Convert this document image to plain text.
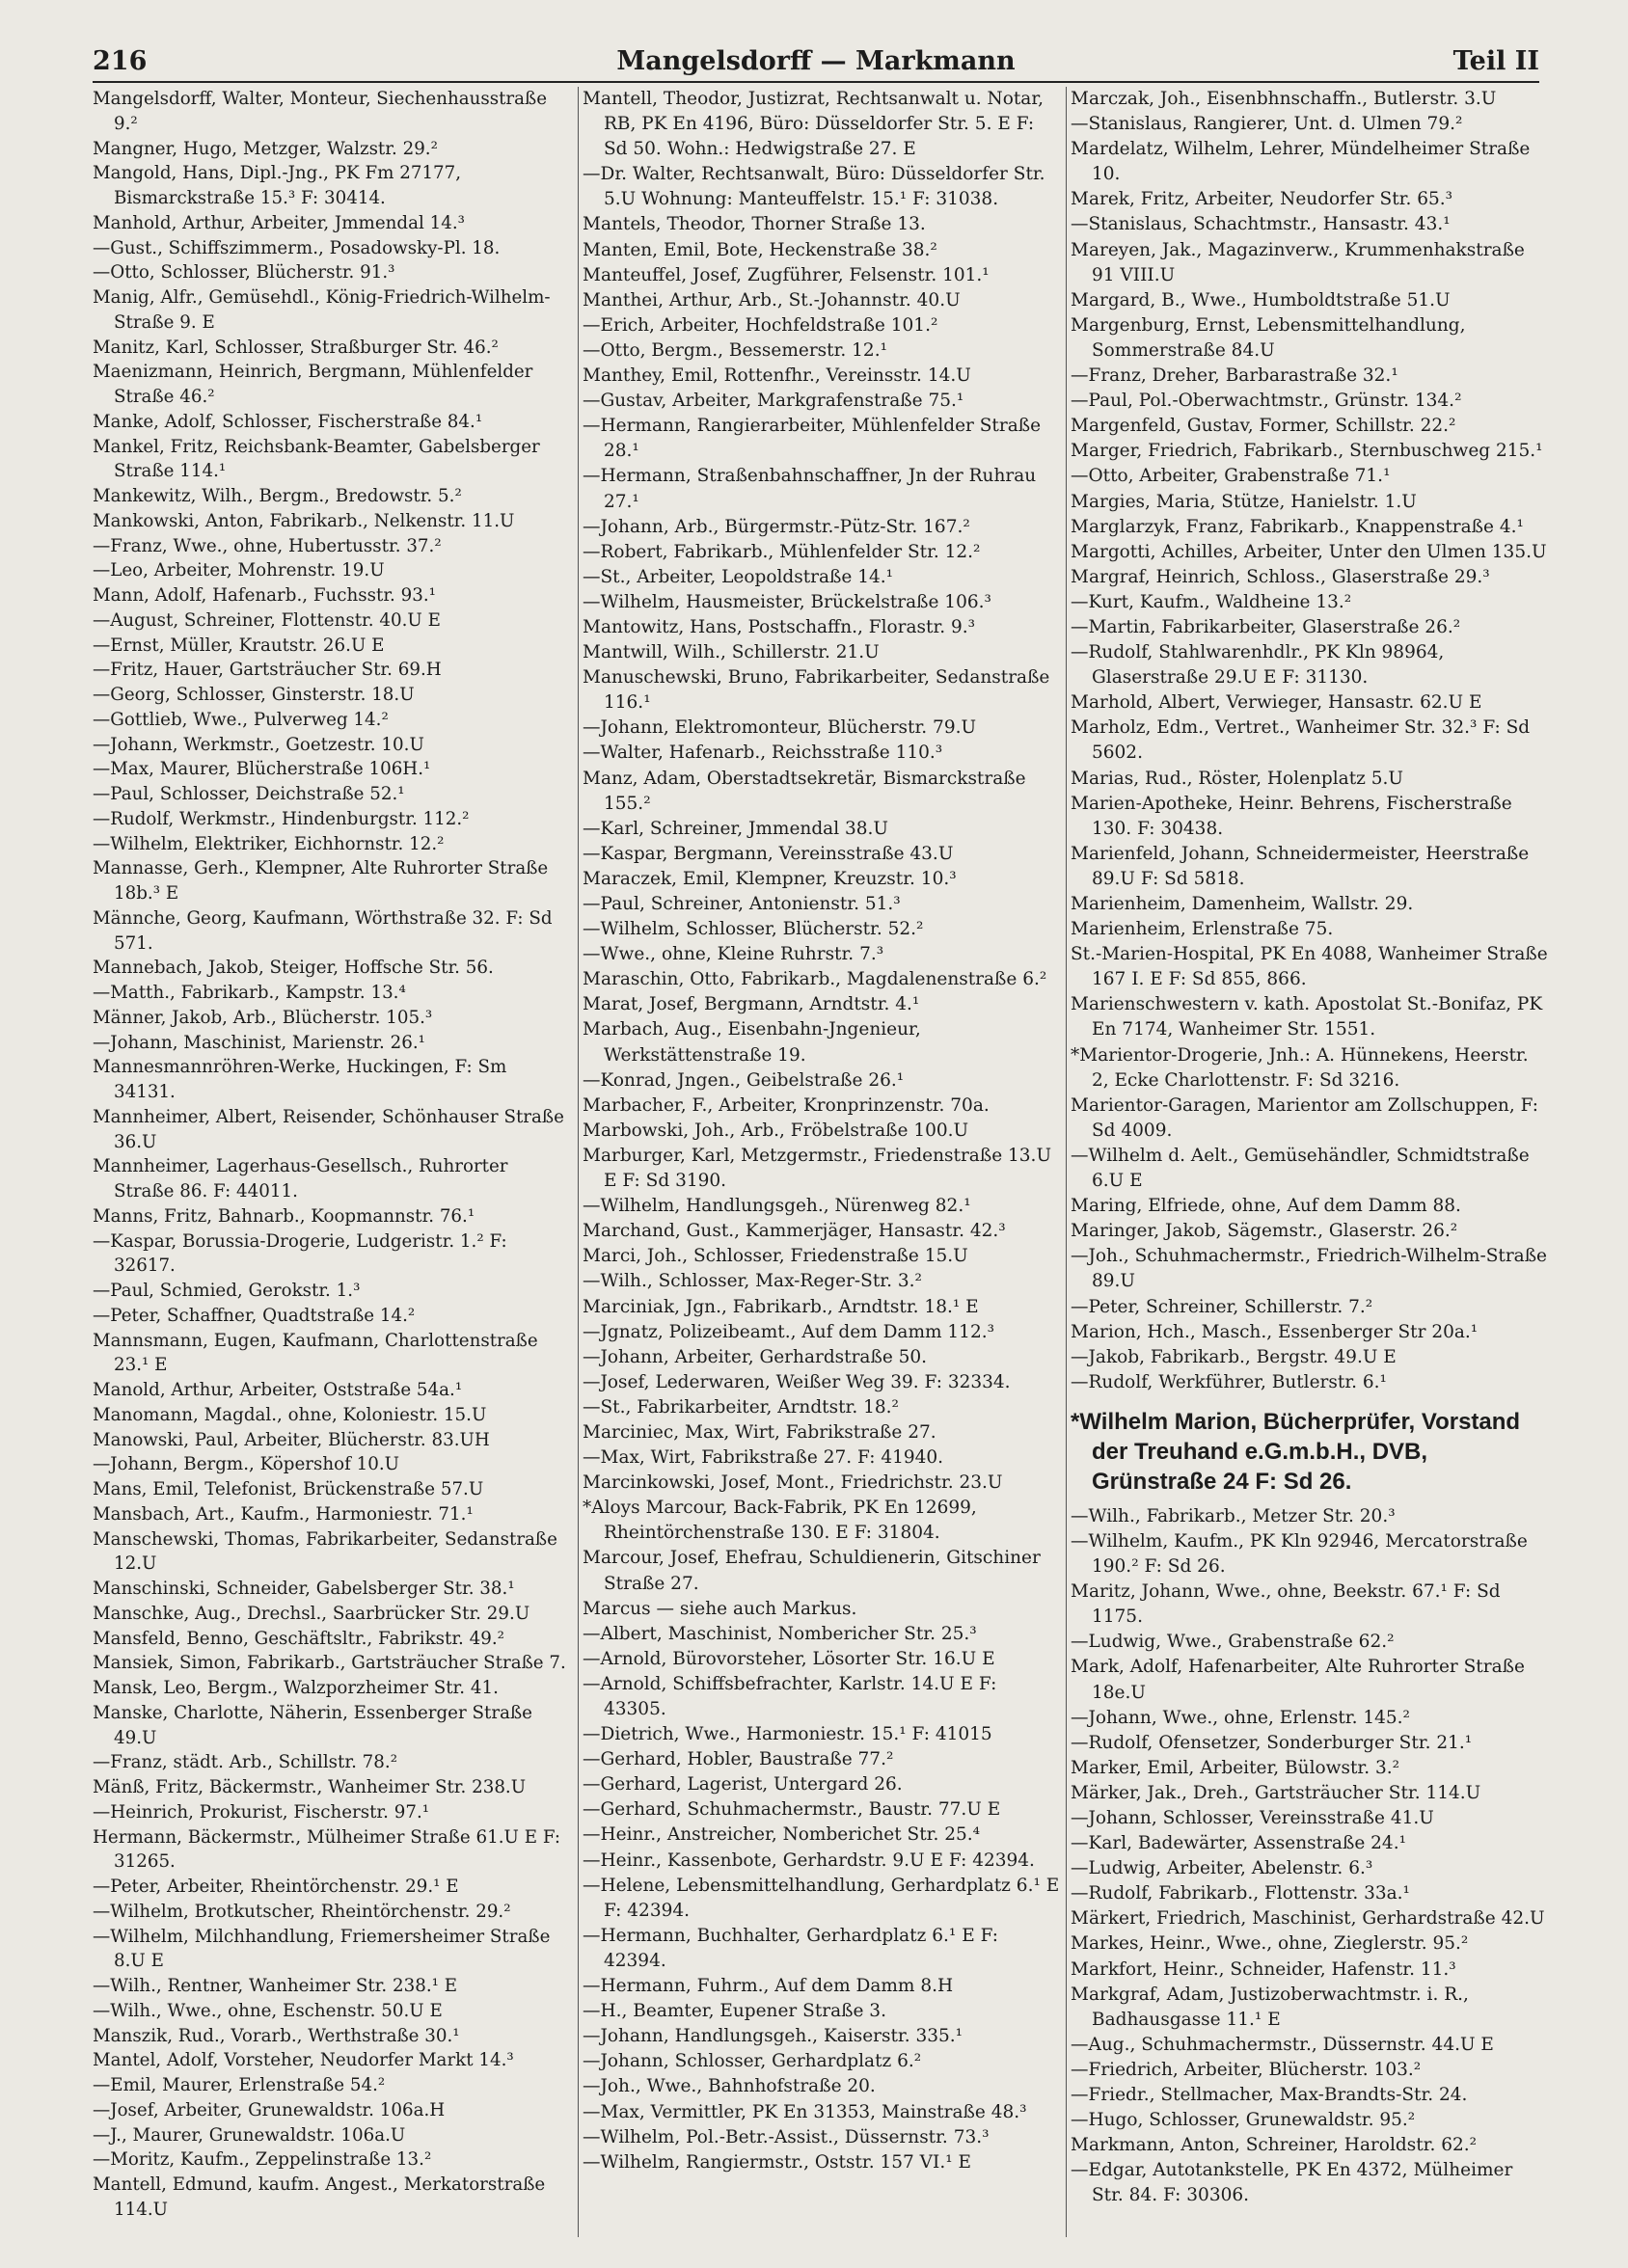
216	Mangelsdorff — Markmann	Teil II
Mangelsdorff, Walter, Monteur, Siechenhausstraße 9.²
Mangner, Hugo, Metzger, Walzstr. 29.²
Mangold, Hans, Dipl.-Jng., PK Fm 27177, Bismarckstraße 15.³ F: 30414.
Manhold, Arthur, Arbeiter, Jmmendal 14.³
—Gust., Schiffszimmerm., Posadowsky-Pl. 18.
—Otto, Schlosser, Blücherstr. 91.³
Manig, Alfr., Gemüsehdl., König-Friedrich-Wilhelm-Straße 9. E
Manitz, Karl, Schlosser, Straßburger Str. 46.²
Maenizmann, Heinrich, Bergmann, Mühlenfelder Straße 46.²
Manke, Adolf, Schlosser, Fischerstraße 84.¹
Mankel, Fritz, Reichsbank-Beamter, Gabelsberger Straße 114.¹
Mankewitz, Wilh., Bergm., Bredowstr. 5.²
Mankowski, Anton, Fabrikarb., Nelkenstr. 11.U
—Franz, Wwe., ohne, Hubertusstr. 37.²
—Leo, Arbeiter, Mohrenstr. 19.U
Mann, Adolf, Hafenarb., Fuchsstr. 93.¹
—August, Schreiner, Flottenstr. 40.U E
—Ernst, Müller, Krautstr. 26.U E
—Fritz, Hauer, Gartsträucher Str. 69.H
—Georg, Schlosser, Ginsterstr. 18.U
—Gottlieb, Wwe., Pulverweg 14.²
—Johann, Werkmstr., Goetzestr. 10.U
—Max, Maurer, Blücherstraße 106H.¹
—Paul, Schlosser, Deichstraße 52.¹
—Rudolf, Werkmstr., Hindenburgstr. 112.²
—Wilhelm, Elektriker, Eichhornstr. 12.²
Mannasse, Gerh., Klempner, Alte Ruhrorter Straße 18b.³ E
Männche, Georg, Kaufmann, Wörthstraße 32. F: Sd 571.
Mannebach, Jakob, Steiger, Hoffsche Str. 56.
—Matth., Fabrikarb., Kampstr. 13.⁴
Männer, Jakob, Arb., Blücherstr. 105.³
—Johann, Maschinist, Marienstr. 26.¹
Mannesmannröhren-Werke, Huckingen, F: Sm 34131.
Mannheimer, Albert, Reisender, Schönhauser Straße 36.U
Mannheimer, Lagerhaus-Gesellsch., Ruhrorter Straße 86. F: 44011.
Manns, Fritz, Bahnarb., Koopmannstr. 76.¹
—Kaspar, Borussia-Drogerie, Ludgeristr. 1.² F: 32617.
—Paul, Schmied, Gerokstr. 1.³
—Peter, Schaffner, Quadtstraße 14.²
Mannsmann, Eugen, Kaufmann, Charlottenstraße 23.¹ E
Manold, Arthur, Arbeiter, Oststraße 54a.¹
Manomann, Magdal., ohne, Koloniestr. 15.U
Manowski, Paul, Arbeiter, Blücherstr. 83.UH
—Johann, Bergm., Köpershof 10.U
Mans, Emil, Telefonist, Brückenstraße 57.U
Mansbach, Art., Kaufm., Harmoniestr. 71.¹
Manschewski, Thomas, Fabrikarbeiter, Sedanstraße 12.U
Manschinski, Schneider, Gabelsberger Str. 38.¹
Manschke, Aug., Drechsl., Saarbrücker Str. 29.U
Mansfeld, Benno, Geschäftsltr., Fabrikstr. 49.²
Mansiek, Simon, Fabrikarb., Gartsträucher Straße 7.
Mansk, Leo, Bergm., Walzporzheimer Str. 41.
Manske, Charlotte, Näherin, Essenberger Straße 49.U
—Franz, städt. Arb., Schillstr. 78.²
Mänß, Fritz, Bäckermstr., Wanheimer Str. 238.U
—Heinrich, Prokurist, Fischerstr. 97.¹
Hermann, Bäckermstr., Mülheimer Straße 61.U E F: 31265.
—Peter, Arbeiter, Rheintörchenstr. 29.¹ E
—Wilhelm, Brotkutscher, Rheintörchenstr. 29.²
—Wilhelm, Milchhandlung, Friemersheimer Straße 8.U E
—Wilh., Rentner, Wanheimer Str. 238.¹ E
—Wilh., Wwe., ohne, Eschenstr. 50.U E
Manszik, Rud., Vorarb., Werthstraße 30.¹
Mantel, Adolf, Vorsteher, Neudorfer Markt 14.³
—Emil, Maurer, Erlenstraße 54.²
—Josef, Arbeiter, Grunewaldstr. 106a.H
—J., Maurer, Grunewaldstr. 106a.U
—Moritz, Kaufm., Zeppelinstraße 13.²
Mantell, Edmund, kaufm. Angest., Merkatorstraße 114.U
Mantell, Theodor, Justizrat, Rechtsanwalt u. Notar, RB, PK En 4196, Büro: Düsseldorfer Str. 5. E F: Sd 50. Wohn.: Hedwigstraße 27. E
—Dr. Walter, Rechtsanwalt, Büro: Düsseldorfer Str. 5.U Wohnung: Manteuffelstr. 15.¹ F: 31038.
Mantels, Theodor, Thorner Straße 13.
Manten, Emil, Bote, Heckenstraße 38.²
Manteuffel, Josef, Zugführer, Felsenstr. 101.¹
Manthei, Arthur, Arb., St.-Johannstr. 40.U
—Erich, Arbeiter, Hochfeldstraße 101.²
—Otto, Bergm., Bessemerstr. 12.¹
Manthey, Emil, Rottenfhr., Vereinsstr. 14.U
—Gustav, Arbeiter, Markgrafenstraße 75.¹
—Hermann, Rangierarbeiter, Mühlenfelder Straße 28.¹
—Hermann, Straßenbahnschaffner, Jn der Ruhrau 27.¹
—Johann, Arb., Bürgermstr.-Pütz-Str. 167.²
—Robert, Fabrikarb., Mühlenfelder Str. 12.²
—St., Arbeiter, Leopoldstraße 14.¹
—Wilhelm, Hausmeister, Brückelstraße 106.³
Mantowitz, Hans, Postschaffn., Florastr. 9.³
Mantwill, Wilh., Schillerstr. 21.U
Manuschewski, Bruno, Fabrikarbeiter, Sedanstraße 116.¹
—Johann, Elektromonteur, Blücherstr. 79.U
—Walter, Hafenarb., Reichsstraße 110.³
Manz, Adam, Oberstadtsekretär, Bismarckstraße 155.²
—Karl, Schreiner, Jmmendal 38.U
—Kaspar, Bergmann, Vereinsstraße 43.U
Maraczek, Emil, Klempner, Kreuzstr. 10.³
—Paul, Schreiner, Antonienstr. 51.³
—Wilhelm, Schlosser, Blücherstr. 52.²
—Wwe., ohne, Kleine Ruhrstr. 7.³
Maraschin, Otto, Fabrikarb., Magdalenenstraße 6.²
Marat, Josef, Bergmann, Arndtstr. 4.¹
Marbach, Aug., Eisenbahn-Jngenieur, Werkstättenstraße 19.
—Konrad, Jngen., Geibelstraße 26.¹
Marbacher, F., Arbeiter, Kronprinzenstr. 70a.
Marbowski, Joh., Arb., Fröbelstraße 100.U
Marburger, Karl, Metzgermstr., Friedenstraße 13.U E F: Sd 3190.
—Wilhelm, Handlungsgeh., Nürenweg 82.¹
Marchand, Gust., Kammerjäger, Hansastr. 42.³
Marci, Joh., Schlosser, Friedenstraße 15.U
—Wilh., Schlosser, Max-Reger-Str. 3.²
Marciniak, Jgn., Fabrikarb., Arndtstr. 18.¹ E
—Jgnatz, Polizeibeamt., Auf dem Damm 112.³
—Johann, Arbeiter, Gerhardstraße 50.
—Josef, Lederwaren, Weißer Weg 39. F: 32334.
—St., Fabrikarbeiter, Arndtstr. 18.²
Marciniec, Max, Wirt, Fabrikstraße 27.
—Max, Wirt, Fabrikstraße 27. F: 41940.
Marcinkowski, Josef, Mont., Friedrichstr. 23.U
*Aloys Marcour, Back-Fabrik, PK En 12699, Rheintörchenstraße 130. E F: 31804.
Marcour, Josef, Ehefrau, Schuldienerin, Gitschiner Straße 27.
Marcus — siehe auch Markus.
—Albert, Maschinist, Nombericher Str. 25.³
—Arnold, Bürovorsteher, Lösorter Str. 16.U E
—Arnold, Schiffsbefrachter, Karlstr. 14.U E F: 43305.
—Dietrich, Wwe., Harmoniestr. 15.¹ F: 41015
—Gerhard, Hobler, Baustraße 77.²
—Gerhard, Lagerist, Untergard 26.
—Gerhard, Schuhmachermstr., Baustr. 77.U E
—Heinr., Anstreicher, Nomberichet Str. 25.⁴
—Heinr., Kassenbote, Gerhardstr. 9.U E F: 42394.
—Helene, Lebensmittelhandlung, Gerhardplatz 6.¹ E F: 42394.
—Hermann, Buchhalter, Gerhardplatz 6.¹ E F: 42394.
—Hermann, Fuhrm., Auf dem Damm 8.H
—H., Beamter, Eupener Straße 3.
—Johann, Handlungsgeh., Kaiserstr. 335.¹
—Johann, Schlosser, Gerhardplatz 6.²
—Joh., Wwe., Bahnhofstraße 20.
—Max, Vermittler, PK En 31353, Mainstraße 48.³
—Wilhelm, Pol.-Betr.-Assist., Düssernstr. 73.³
—Wilhelm, Rangiermstr., Oststr. 157 VI.¹ E
Marczak, Joh., Eisenbhnschaffn., Butlerstr. 3.U
—Stanislaus, Rangierer, Unt. d. Ulmen 79.²
Mardelatz, Wilhelm, Lehrer, Mündelheimer Straße 10.
Marek, Fritz, Arbeiter, Neudorfer Str. 65.³
—Stanislaus, Schachtmstr., Hansastr. 43.¹
Mareyen, Jak., Magazinverw., Krummenhakstraße 91 VIII.U
Margard, B., Wwe., Humboldtstraße 51.U
Margenburg, Ernst, Lebensmittelhandlung, Sommerstraße 84.U
—Franz, Dreher, Barbarastraße 32.¹
—Paul, Pol.-Oberwachtmstr., Grünstr. 134.²
Margenfeld, Gustav, Former, Schillstr. 22.²
Marger, Friedrich, Fabrikarb., Sternbuschweg 215.¹
—Otto, Arbeiter, Grabenstraße 71.¹
Margies, Maria, Stütze, Hanielstr. 1.U
Marglarzyk, Franz, Fabrikarb., Knappenstraße 4.¹
Margotti, Achilles, Arbeiter, Unter den Ulmen 135.U
Margraf, Heinrich, Schloss., Glaserstraße 29.³
—Kurt, Kaufm., Waldheine 13.²
—Martin, Fabrikarbeiter, Glaserstraße 26.²
—Rudolf, Stahlwarenhdlr., PK Kln 98964, Glaserstraße 29.U E F: 31130.
Marhold, Albert, Verwieger, Hansastr. 62.U E
Marholz, Edm., Vertret., Wanheimer Str. 32.³ F: Sd 5602.
Marias, Rud., Röster, Holenplatz 5.U
Marien-Apotheke, Heinr. Behrens, Fischerstraße 130. F: 30438.
Marienfeld, Johann, Schneidermeister, Heerstraße 89.U F: Sd 5818.
Marienheim, Damenheim, Wallstr. 29.
Marienheim, Erlenstraße 75.
St.-Marien-Hospital, PK En 4088, Wanheimer Straße 167 I. E F: Sd 855, 866.
Marienschwestern v. kath. Apostolat St.-Bonifaz, PK En 7174, Wanheimer Str. 1551.
*Marientor-Drogerie, Jnh.: A. Hünnekens, Heerstr. 2, Ecke Charlottenstr. F: Sd 3216.
Marientor-Garagen, Marientor am Zollschuppen, F: Sd 4009.
—Wilhelm d. Aelt., Gemüsehändler, Schmidtstraße 6.U E
Maring, Elfriede, ohne, Auf dem Damm 88.
Maringer, Jakob, Sägemstr., Glaserstr. 26.²
—Joh., Schuhmachermstr., Friedrich-Wilhelm-Straße 89.U
—Peter, Schreiner, Schillerstr. 7.²
Marion, Hch., Masch., Essenberger Str 20a.¹
—Jakob, Fabrikarb., Bergstr. 49.U E
—Rudolf, Werkführer, Butlerstr. 6.¹
*Wilhelm Marion, Bücherprüfer, Vorstand der Treuhand e.G.m.b.H., DVB, Grünstraße 24 F: Sd 26.
—Wilh., Fabrikarb., Metzer Str. 20.³
—Wilhelm, Kaufm., PK Kln 92946, Mercatorstraße 190.² F: Sd 26.
Maritz, Johann, Wwe., ohne, Beekstr. 67.¹ F: Sd 1175.
—Ludwig, Wwe., Grabenstraße 62.²
Mark, Adolf, Hafenarbeiter, Alte Ruhrorter Straße 18e.U
—Johann, Wwe., ohne, Erlenstr. 145.²
—Rudolf, Ofensetzer, Sonderburger Str. 21.¹
Marker, Emil, Arbeiter, Bülowstr. 3.²
Märker, Jak., Dreh., Gartsträucher Str. 114.U
—Johann, Schlosser, Vereinsstraße 41.U
—Karl, Badewärter, Assenstraße 24.¹
—Ludwig, Arbeiter, Abelenstr. 6.³
—Rudolf, Fabrikarb., Flottenstr. 33a.¹
Märkert, Friedrich, Maschinist, Gerhardstraße 42.U
Markes, Heinr., Wwe., ohne, Zieglerstr. 95.²
Markfort, Heinr., Schneider, Hafenstr. 11.³
Markgraf, Adam, Justizoberwachtmstr. i. R., Badhausgasse 11.¹ E
—Aug., Schuhmachermstr., Düssernstr. 44.U E
—Friedrich, Arbeiter, Blücherstr. 103.²
—Friedr., Stellmacher, Max-Brandts-Str. 24.
—Hugo, Schlosser, Grunewaldstr. 95.²
Markmann, Anton, Schreiner, Haroldstr. 62.²
—Edgar, Autotankstelle, PK En 4372, Mülheimer Str. 84. F: 30306.
